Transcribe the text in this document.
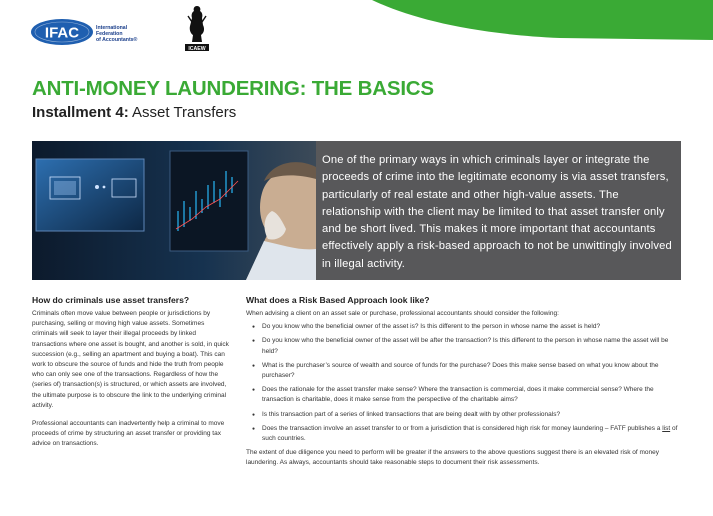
IFAC	International
Federation
of Accountants®
ICAEW
ANTI-MONEY LAUNDERING: THE BASICS
Installment 4: Asset Transfers

One of the primary ways in which criminals layer or integrate the proceeds of crime into the legitimate economy is via asset transfers, particularly of real estate and other high-value assets. The relationship with the client may be limited to that asset transfer only and be short lived. This makes it more important that accountants effectively apply a risk-based approach to not be unwittingly involved in illegal activity.

How do criminals use asset transfers?

Criminals often move value between people or jurisdictions by purchasing, selling or moving high value assets. Sometimes criminals will seek to layer their illegal proceeds by linked transactions where one asset is bought, and another is sold, in quick succession (e.g., selling an apartment and buying a boat). This can work to obscure the source of funds and hide the truth from people who can only see one of the transactions. Regardless of how the (series of) transaction(s) is structured, or which assets are involved, the ultimate purpose is to obscure the link to the underlying criminal activity.

Professional accountants can inadvertently help a criminal to move proceeds of crime by structuring an asset transfer or providing tax advice on transactions.

What does a Risk Based Approach look like?

When advising a client on an asset sale or purchase, professional accountants should consider the following:

● Do you know who the beneficial owner of the asset is? Is this different to the person in whose name the asset is held?
● Do you know who the beneficial owner of the asset will be after the transaction? Is this different to the person in whose name the asset will be held?
● What is the purchaser’s source of wealth and source of funds for the purchase? Does this make sense based on what you know about the purchaser?
● Does the rationale for the asset transfer make sense? Where the transaction is commercial, does it make commercial sense? Where the transaction is charitable, does it make sense from the perspective of the charitable aims?
● Is this transaction part of a series of linked transactions that are being dealt with by other professionals?
● Does the transaction involve an asset transfer to or from a jurisdiction that is considered high risk for money laundering – FATF publishes a list of such countries.

The extent of due diligence you need to perform will be greater if the answers to the above questions suggest there is an elevated risk of money laundering. As always, accountants should take reasonable steps to document their risk assessments.
